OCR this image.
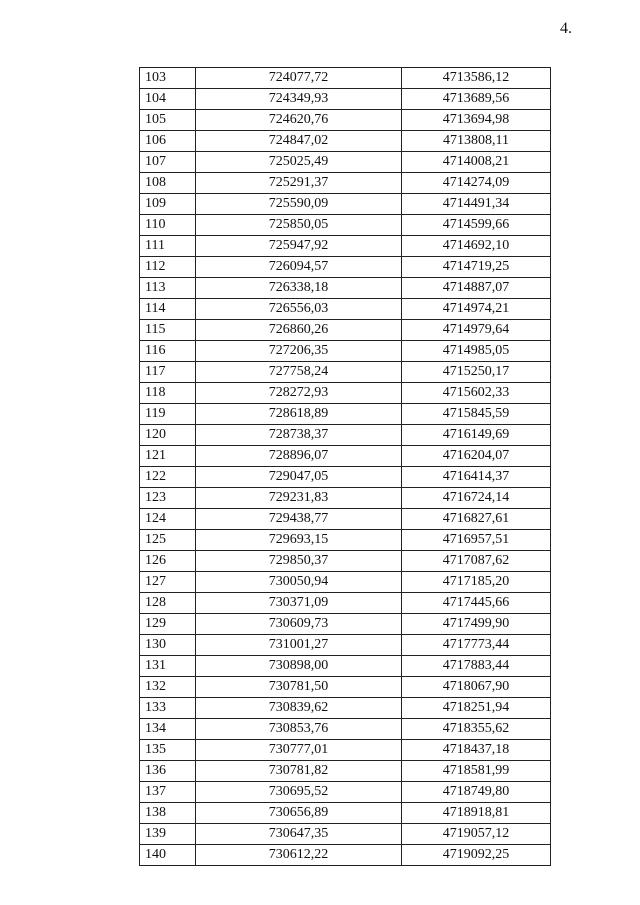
4.
103	724077,72	4713586,12
104	724349,93	4713689,56
105	724620,76	4713694,98
106	724847,02	4713808,11
107	725025,49	4714008,21
108	725291,37	4714274,09
109	725590,09	4714491,34
110	725850,05	4714599,66
111	725947,92	4714692,10
112	726094,57	4714719,25
113	726338,18	4714887,07
114	726556,03	4714974,21
115	726860,26	4714979,64
116	727206,35	4714985,05
117	727758,24	4715250,17
118	728272,93	4715602,33
119	728618,89	4715845,59
120	728738,37	4716149,69
121	728896,07	4716204,07
122	729047,05	4716414,37
123	729231,83	4716724,14
124	729438,77	4716827,61
125	729693,15	4716957,51
126	729850,37	4717087,62
127	730050,94	4717185,20
128	730371,09	4717445,66
129	730609,73	4717499,90
130	731001,27	4717773,44
131	730898,00	4717883,44
132	730781,50	4718067,90
133	730839,62	4718251,94
134	730853,76	4718355,62
135	730777,01	4718437,18
136	730781,82	4718581,99
137	730695,52	4718749,80
138	730656,89	4718918,81
139	730647,35	4719057,12
140	730612,22	4719092,25
